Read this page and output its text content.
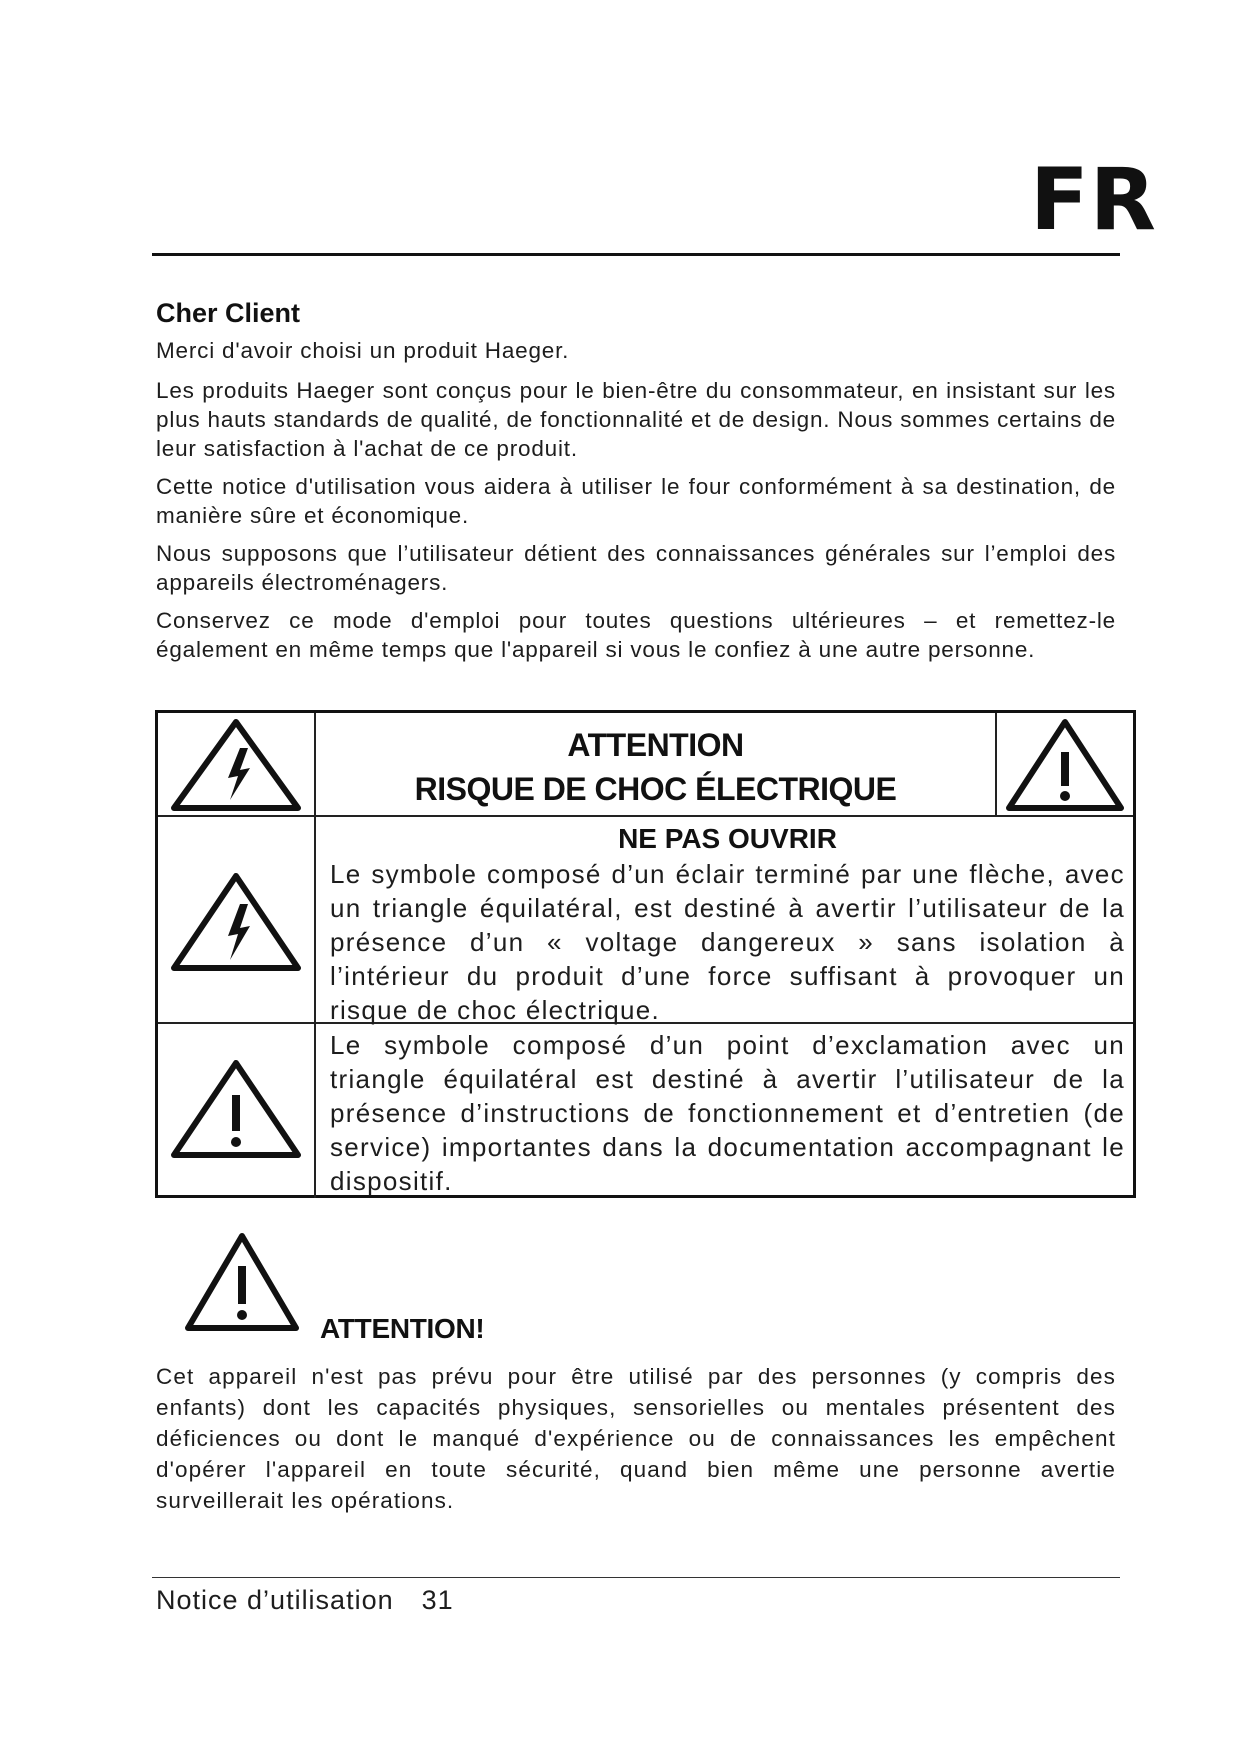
FR
Cher Client

Merci d'avoir choisi un produit Haeger.

Les produits Haeger sont conçus pour le bien-être du consommateur, en insistant sur les plus hauts standards de qualité, de fonctionnalité et de design. Nous sommes certains de leur satisfaction à l'achat de ce produit.

Cette notice d'utilisation vous aidera à utiliser le four conformément à sa destination, de manière sûre et économique.

Nous supposons que l’utilisateur détient des connaissances générales sur l’emploi des appareils électroménagers.

Conservez ce mode d'emploi pour toutes questions ultérieures – et remettez-le également en même temps que l'appareil si vous le confiez à une autre personne.

ATTENTION
RISQUE DE CHOC ÉLECTRIQUE
NE PAS OUVRIR

Le symbole composé d’un éclair terminé par une flèche, avec un triangle équilatéral, est destiné à avertir l’utilisateur de la présence d’un « voltage dangereux » sans isolation à l’intérieur du produit d’une force suffisant à provoquer un risque de choc électrique.

Le symbole composé d’un point d’exclamation avec un triangle équilatéral est destiné à avertir l’utilisateur de la présence d’instructions de fonctionnement et d’entretien (de service) importantes dans la documentation accompagnant le dispositif.

ATTENTION!

Cet appareil n'est pas prévu pour être utilisé par des personnes (y compris des enfants) dont les capacités physiques, sensorielles ou mentales présentent des déficiences ou dont le manqué d'expérience ou de connaissances les empêchent d'opérer l'appareil en toute sécurité, quand bien même une personne avertie surveillerait les opérations.

Notice d’utilisation 31
